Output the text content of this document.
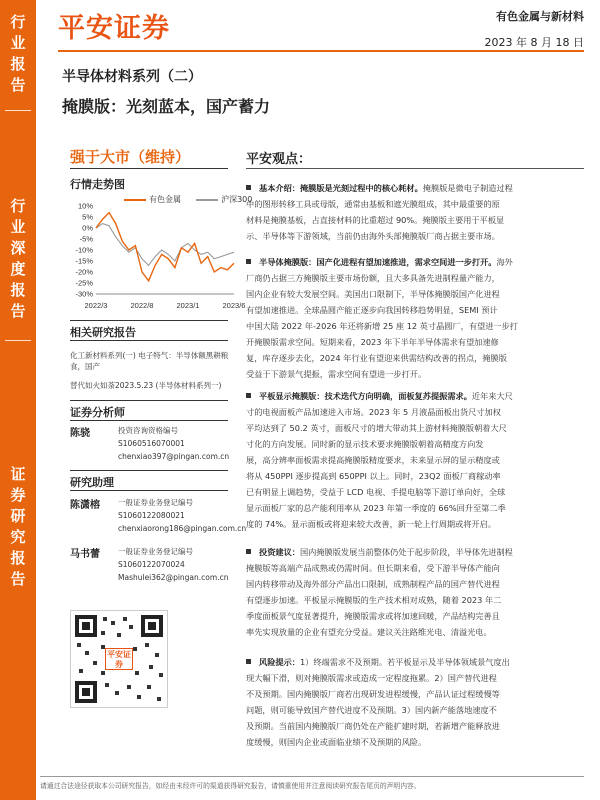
行
业
报
告
行
业
深
度
报
告
证
券
研
究
报
告
平安证券	有色金属与新材料
2023 年 8 月 18 日
半导体材料系列（二）
掩膜版：光刻蓝本，国产蓄力
强于大市（维持）
行情走势图
有色金属	沪深300
10%
5%
0%
-5%
-10%
-15%
-20%
-25%
-30%
2022/3	2022/8	2023/1	2023/6
相关研究报告
化工新材料系列(一) 电子特气：半导体额黑耕粮食，国产
替代如火如荼2023.5.23 (半导体材料系列一)
证券分析师
陈骁	投资咨询资格编号
S1060516070001
chenxiao397@pingan.com.cn
研究助理
陈潇榕 一般证券业务登记编号
S1060122080021
chenxiaorong186@pingan.com.cn
马书蕾 一般证券业务登记编号
S1060122070024
Mashulei362@pingan.com.cn
平安证券
平安观点：
基本介绍：掩膜版是光刻过程中的核心耗材。掩膜版是微电子制造过程
中的图形转移工具或母版，通常由基板和遮光膜组成，其中最重要的原
材料是掩膜基板，占直接材料的比重超过 90%。掩膜版主要用于平板显
示、半导体等下游领域，当前仍由海外头部掩膜版厂商占据主要市场。
半导体掩膜版：国产化进程有望加速推进，需求空间进一步打开。海外
厂商仍占据三方掩膜版主要市场份额，且大多具备先进制程量产能力，
国内企业有较大发展空间。美国出口限制下，半导体掩膜版国产化进程
有望加速推进。全球晶圆产能正逐步向我国转移趋势明显，SEMI 预计
中国大陆 2022 年-2026 年还将新增 25 座 12 英寸晶圆厂，有望进一步打
开掩膜版需求空间。短期来看，2023 年下半年半导体需求有望加速修
复，库存逐步去化，2024 年行业有望迎来供需结构改善的拐点，掩膜版
受益于下游景气提振，需求空间有望进一步打开。
平板显示掩膜版：技术迭代方向明确，面板复苏提振需求。近年来大尺
寸的电视面板产品加速进入市场。2023 年 5 月液晶面板出货尺寸加权
平均达到了 50.2 英寸，面板尺寸的增大带动其上游材料掩膜版朝着大尺
寸化的方向发展。同时新的显示技术要求掩膜版朝着高精度方向发
展，高分辨率面板需求提高掩膜版精度要求，未来显示屏的显示精度或
将从 450PPI 逐步提高到 650PPI 以上。同时，23Q2 面板厂商稼动率
已有明显上调趋势，受益于 LCD 电视、手提电脑等下游订单向好，全球
显示面板厂家的总产能利用率从 2023 年第一季度的 66%回升至第二季
度的 74%。显示面板或将迎来较大改善，新一轮上行周期或将开启。
投资建议：国内掩膜版发展当前整体仍处于起步阶段，半导体先进制程
掩膜版等高端产品成熟或仍需时间。但长期来看，受下游半导体产能向
国内转移带动及海外部分产品出口限制，成熟制程产品的国产替代进程
有望逐步加速。平板显示掩膜版的生产技术相对成熟，随着 2023 年二
季度面板景气度显著提升，掩膜版需求或将加速回暖，产品结构完善且
率先实现放量的企业有望充分受益。建议关注路维光电、清溢光电。
风险提示：1）终端需求不及预期。若平板显示及半导体领域景气度出
现大幅下滑，则对掩膜版需求或造成一定程度拖累。2）国产替代进程
不及预期。国内掩膜版厂商若出现研发进程缓慢，产品认证过程缓慢等
问题，则可能导致国产替代进度不及预期。3）国内新产能落地速度不
及预期。当前国内掩膜版厂商仍处在产能扩建时期，若新增产能释放进
度缓慢，则国内企业或面临业绩不及预期的风险。
请通过合法途径获取本公司研究报告，如经由未经许可的渠道获得研究报告，请慎重使用并注意阅读研究报告尾页的声明内容。
